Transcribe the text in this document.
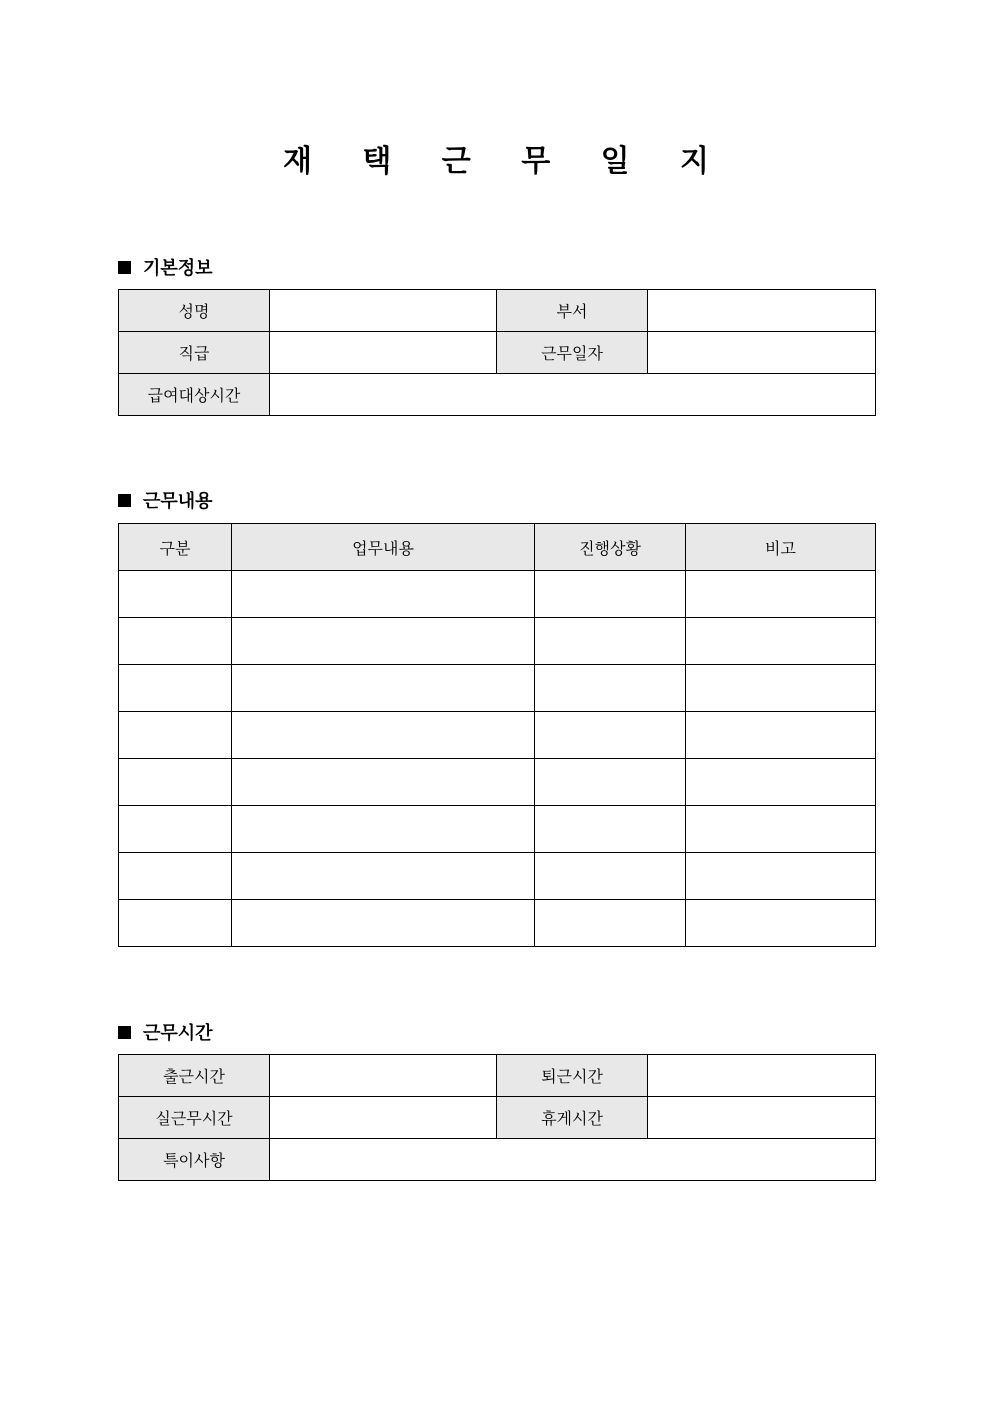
재 택 근 무 일 지
기본정보
성명		부서	
직급		근무일자	
급여대상시간			
근무내용
구분	업무내용	진행상황	비고

근무시간
출근시간		퇴근시간	
실근무시간		휴게시간	
특이사항			
